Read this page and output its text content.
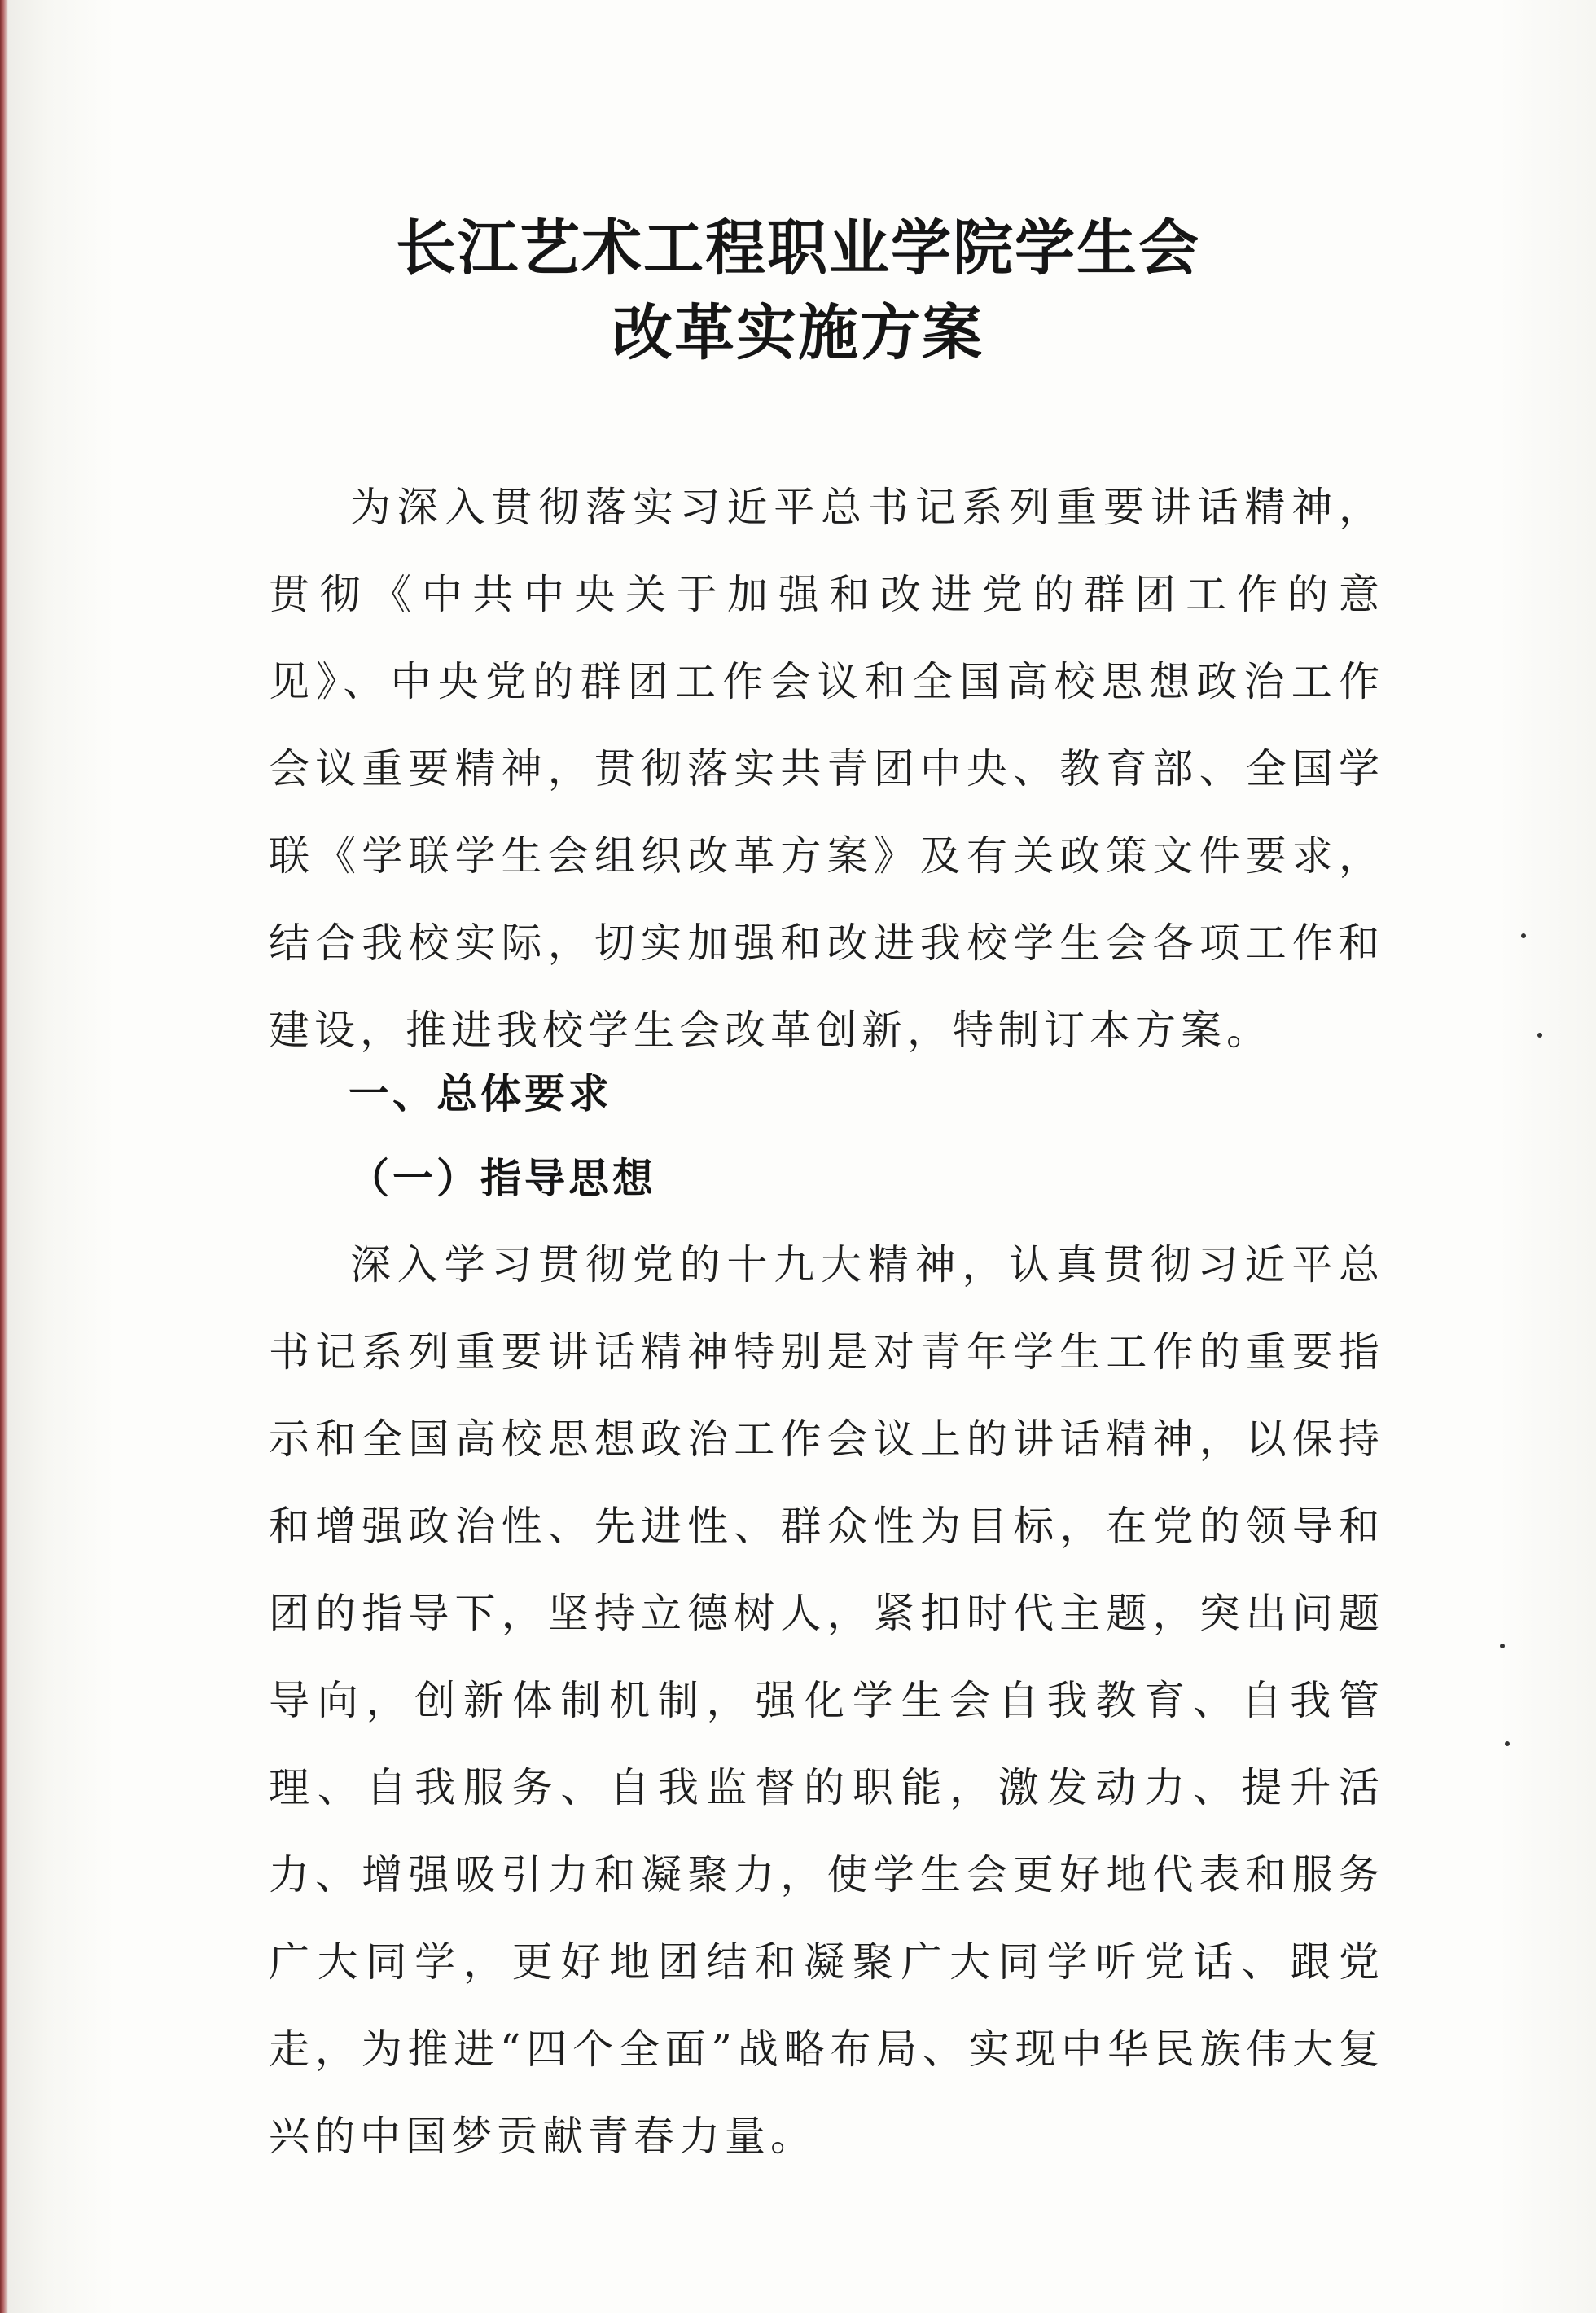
长江艺术工程职业学院学生会
改革实施方案

为深入贯彻落实习近平总书记系列重要讲话精神，贯彻《中共中央关于加强和改进党的群团工作的意见》、中央党的群团工作会议和全国高校思想政治工作会议重要精神，贯彻落实共青团中央、教育部、全国学联《学联学生会组织改革方案》及有关政策文件要求，结合我校实际，切实加强和改进我校学生会各项工作和建设，推进我校学生会改革创新，特制订本方案。

一、总体要求
（一）指导思想

深入学习贯彻党的十九大精神，认真贯彻习近平总书记系列重要讲话精神特别是对青年学生工作的重要指示和全国高校思想政治工作会议上的讲话精神，以保持和增强政治性、先进性、群众性为目标，在党的领导和团的指导下，坚持立德树人，紧扣时代主题，突出问题导向，创新体制机制，强化学生会自我教育、自我管理、自我服务、自我监督的职能，激发动力、提升活力、增强吸引力和凝聚力，使学生会更好地代表和服务广大同学，更好地团结和凝聚广大同学听党话、跟党走，为推进“四个全面”战略布局、实现中华民族伟大复兴的中国梦贡献青春力量。
